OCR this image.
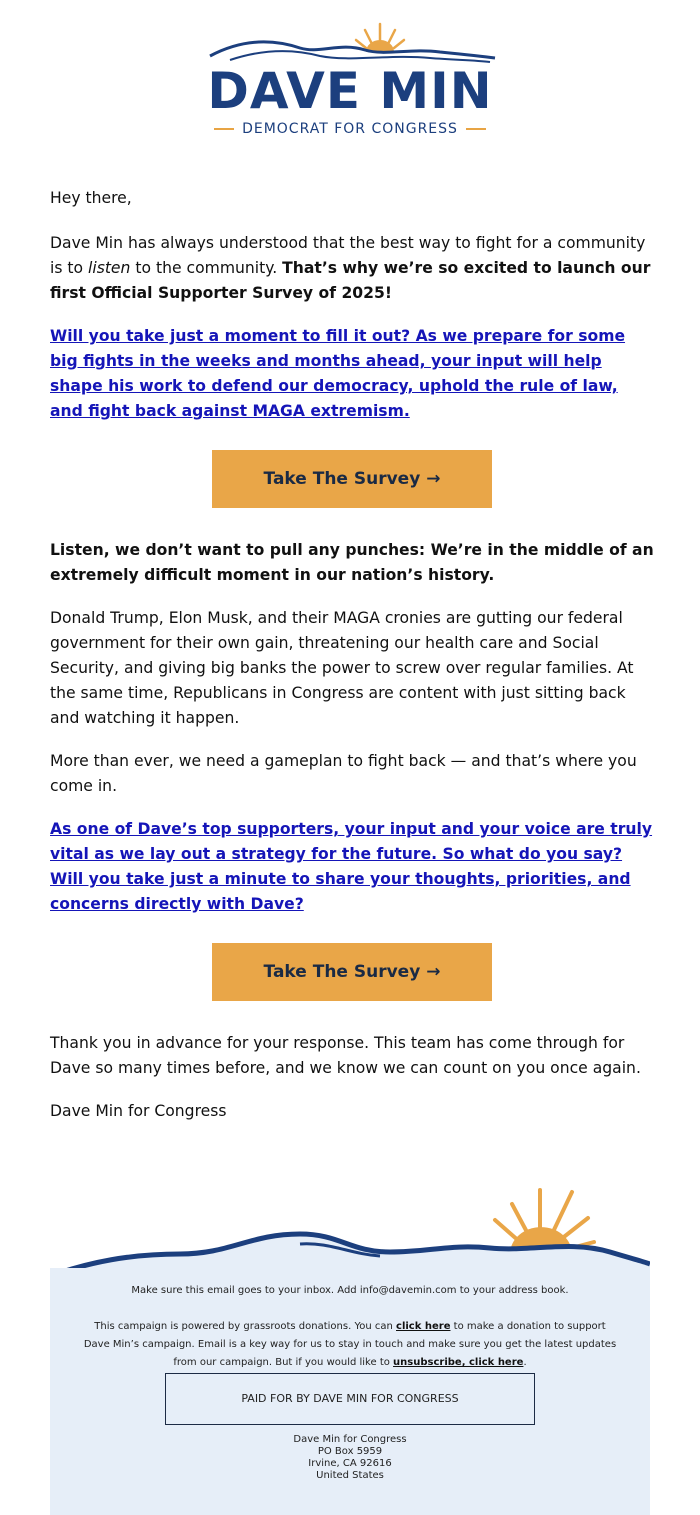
DAVE MIN
DEMOCRAT FOR CONGRESS

Hey there,

Dave Min has always understood that the best way to fight for a community is to listen to the community. That’s why we’re so excited to launch our first Official Supporter Survey of 2025!

Will you take just a moment to fill it out? As we prepare for some big fights in the weeks and months ahead, your input will help shape his work to defend our democracy, uphold the rule of law, and fight back against MAGA extremism.

Take The Survey →

Listen, we don’t want to pull any punches: We’re in the middle of an extremely difficult moment in our nation’s history.

Donald Trump, Elon Musk, and their MAGA cronies are gutting our federal government for their own gain, threatening our health care and Social Security, and giving big banks the power to screw over regular families. At the same time, Republicans in Congress are content with just sitting back and watching it happen.

More than ever, we need a gameplan to fight back — and that’s where you come in.

As one of Dave’s top supporters, your input and your voice are truly vital as we lay out a strategy for the future. So what do you say? Will you take just a minute to share your thoughts, priorities, and concerns directly with Dave?

Take The Survey →

Thank you in advance for your response. This team has come through for Dave so many times before, and we know we can count on you once again.

Dave Min for Congress

Make sure this email goes to your inbox. Add info@davemin.com to your address book.
This campaign is powered by grassroots donations. You can click here to make a donation to support Dave Min’s campaign. Email is a key way for us to stay in touch and make sure you get the latest updates from our campaign. But if you would like to unsubscribe, click here.
PAID FOR BY DAVE MIN FOR CONGRESS
Dave Min for Congress
PO Box 5959
Irvine, CA 92616
United States
